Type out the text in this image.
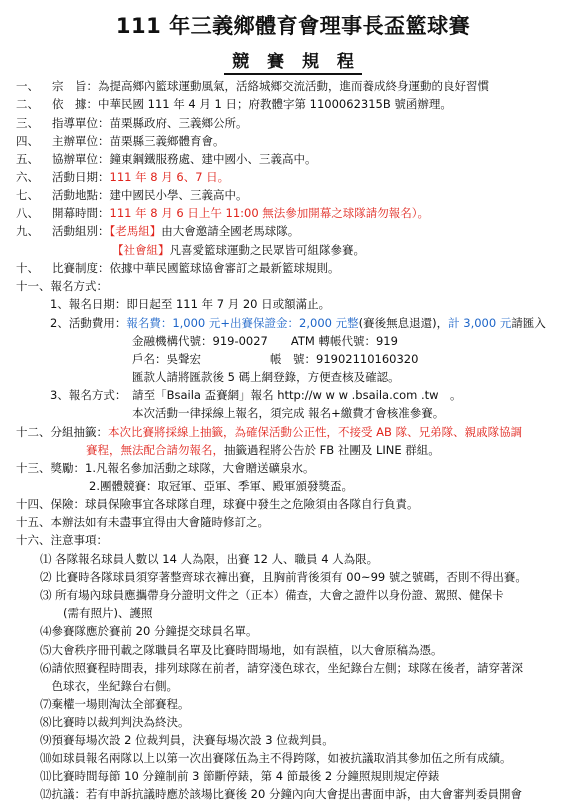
111 年三義鄉體育會理事長盃籃球賽
競 賽 規 程
一、 宗　旨：為提高鄉內籃球運動風氣，活絡城鄉交流活動，進而養成終身運動的良好習慣
二、 依　據：中華民國 111 年 4 月 1 日；府教體字第 1100062315B 號函辦理。
三、 指導單位：苗栗縣政府、三義鄉公所。
四、 主辦單位：苗栗縣三義鄉體育會。
五、 協辦單位：鐘東鋼鐵服務處、建中國小、三義高中。
六、 活動日期：111 年 8 月 6、7 日。
七、 活動地點：建中國民小學、三義高中。
八、 開幕時間：111 年 8 月 6 日上午 11:00 無法參加開幕之球隊請勿報名）。
九、 活動組別：【老馬組】由大會邀請全國老馬球隊。
【社會組】凡喜愛籃球運動之民眾皆可組隊參賽。
十、 比賽制度：依據中華民國籃球協會審訂之最新籃球規則。
十一、報名方式：
1、報名日期：即日起至 111 年 7 月 20 日或額滿止。
2、活動費用：報名費：1,000 元+出賽保證金：2,000 元整(賽後無息退還)，計 3,000 元請匯入
金融機構代號：919-0027　　ATM 轉帳代號：919
戶名：吳聲宏　　　　　　帳　號：91902110160320
匯款人請將匯款後 5 碼上網登錄，方便查核及確認。
3、報名方式：　請至「Bsaila 盃賽網」報名 http://w w w .bsaila.com .tw　。
本次活動一律採線上報名，須完成 報名+繳費才會核准參賽。
十二、分組抽籤：本次比賽將採線上抽籤，為確保活動公正性，不接受 AB 隊、兄弟隊、親戚隊協調
賽程，無法配合請勿報名，抽籤過程將公告於 FB 社團及 LINE 群組。
十三、獎勵：1.凡報名參加活動之球隊，大會贈送礦泉水。
2.團體競賽：取冠軍、亞軍、季軍、殿軍頒發獎盃。
十四、保險：球員保險事宜各球隊自理，球賽中發生之危險須由各隊自行負責。
十五、本辦法如有未盡事宜得由大會隨時修訂之。
十六、注意事項：
⑴ 各隊報名球員人數以 14 人為限，出賽 12 人、職員 4 人為限。
⑵ 比賽時各隊球員須穿著整齊球衣褲出賽，且胸前背後須有 00~99 號之號碼，否則不得出賽。
⑶ 所有場內球員應攜帶身分證明文件之（正本）備查，大會之證件以身份證、駕照、健保卡
　　(需有照片)、護照
⑷參賽隊應於賽前 20 分鐘提交球員名單。
⑸大會秩序冊刊載之隊職員名單及比賽時間場地，如有誤植，以大會原稿為憑。
⑹請依照賽程時間表，排列球隊在前者，請穿淺色球衣，坐紀錄台左側；球隊在後者，請穿著深
　色球衣，坐紀錄台右側。
⑺棄權一場則淘汰全部賽程。
⑻比賽時以裁判判決為終決。
⑼預賽每場次設 2 位裁判員，決賽每場次設 3 位裁判員。
⑽如球員報名兩隊以上以第一次出賽隊伍為主不得跨隊，如被抗議取消其參加伍之所有成績。
⑾比賽時間每節 10 分鐘制前 3 節斷停錶，第 4 節最後 2 分鐘照規則規定停錶
⑿抗議：若有申訴抗議時應於該場比賽後 20 分鐘內向大會提出書面申訴，由大會審判委員開會
